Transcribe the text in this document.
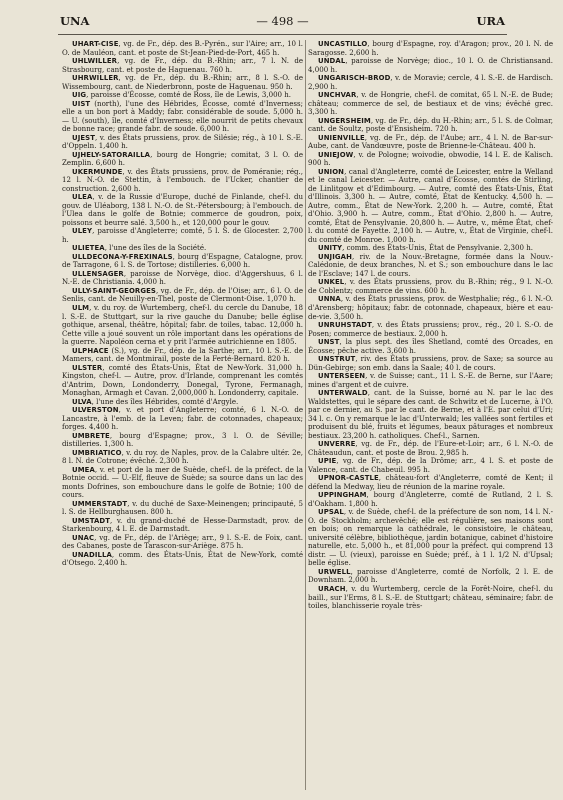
UNA	— 498 —	URA

UHART-CISE, vg. de Fr., dép. des B.-Pyrén., sur l'Aire; arr., 10 l. O. de Mauléon, cant. et poste de St-Jean-Pied-de-Port, 465 h.

UHLWILLER, vg. de Fr., dép. du B.-Rhin; arr., 7 l. N. de Strasbourg, cant. et poste de Haguenau. 760 h.

UHRWILLER, vg. de Fr., dép. du B.-Rhin; arr., 8 l. S.-O. de Wissembourg, cant. de Niederbronn, poste de Haguenau. 950 h.

UIG, paroisse d'Écosse, comté de Ross, île de Lewis, 3,000 h.

UIST (north), l'une des Hébrides, Écosse, comté d'Inverness; elle a un bon port à Maddy; fabr. considérable de soude. 5,000 h. — U. (south), île, comté d'Inverness; elle nourrit de petits chevaux de bonne race; grande fabr. de soude. 6,000 h.

UJEST, v. des États prussiens, prov. de Silésie; rég., à 10 l. S.-E. d'Oppeln. 1,400 h.

UJHELY-SATORAILLA, bourg de Hongrie; comitat, 3 l. O. de Zemplin. 6,600 h.

UKERMUNDE, v. des États prussiens, prov. de Poméranie; rég., 12 l. N.-O. de Stettin, à l'embouch. de l'Ucker, chantier de construction. 2,600 h.

ULEA, v. de la Russie d'Europe, duché de Finlande, chef-l. du gouv. de Uléaborg, 138 l. N.-O. de St.-Pétersbourg; à l'embouch. de l'Ulea dans le golfe de Botnie; commerce de goudron, poix, poissons et beurre salé. 3,500 h., et 120,000 pour le gouv.

ULEY, paroisse d'Angleterre; comté, 5 l. S. de Glocester. 2,700 h.

ULIETEA, l'une des îles de la Société.

ULLDECONA-Y-FREXINALS, bourg d'Espagne, Catalogne, prov. de Tarragone, 6 l. S. de Tortose; distilleries. 6,000 h.

ULLENSAGER, paroisse de Norvège, dioc. d'Aggershuus, 6 l. N.-E. de Christiania. 4,000 h.

ULLY-SAINT-GEORGES, vg. de Fr., dép. de l'Oise; arr., 6 l. O. de Senlis, cant. de Neuilly-en-Thel, poste de Clermont-Oise. 1,070 h.

ULM, v. du roy. de Wurtemberg, chef-l. du cercle du Danube, 18 l. S.-E. de Stuttgart, sur la rive gauche du Danube; belle église gothique, arsenal, théâtre, hôpital; fabr. de toiles, tabac. 12,000 h. Cette ville a joué souvent un rôle important dans les opérations de la guerre. Napoléon cerna et y prit l'armée autrichienne en 1805.

ULPHACE (S.), vg. de Fr., dép. de la Sarthe; arr., 10 l. S.-E. de Mamers, cant. de Montmirail, poste de la Ferté-Bernard. 820 h.

ULSTER, comté des États-Unis, État de New-York. 31,000 h. Kingston, chef-l. — Autre, prov. d'Irlande, comprenant les comtés d'Antrim, Down, Londonderry, Donegal, Tyrone, Fermanagh, Monaghan, Armagh et Cavan. 2,000,000 h. Londonderry, capitale.

ULVA, l'une des îles Hébrides, comté d'Argyle.

ULVERSTON, v. et port d'Angleterre; comté, 6 l. N.-O. de Lancastre, à l'emb. de la Leven; fabr. de cotonnades, chapeaux; forges. 4,400 h.

UMBRETE, bourg d'Espagne; prov., 3 l. O. de Séville; distilleries. 1,300 h.

UMBRIATICO, v. du roy. de Naples, prov. de la Calabre ultér. 2e, 8 l. N. de Cotrone; évêché. 2,300 h.

UMEA, v. et port de la mer de Suède, chef-l. de la préfect. de la Botnie occid. — U.-Elf, fleuve de Suède; sa source dans un lac des monts Dofrines, son embouchure dans le golfe de Botnie; 100 de cours.

UMMERSTADT, v. du duché de Saxe-Meinengen; principauté, 5 l. S. de Hellburghausen. 800 h.

UMSTADT, v. du grand-duché de Hesse-Darmstadt, prov. de Starkenbourg, 4 l. E. de Darmstadt.

UNAC, vg. de Fr., dép. de l'Ariège; arr., 9 l. S.-E. de Foix, cant. des Cabanes, poste de Tarascon-sur-Ariège. 875 h.

UNADILLA, comm. des États-Unis, État de New-York, comté d'Otsego. 2,400 h.

UNCASTILLO, bourg d'Espagne, roy. d'Aragon; prov., 20 l. N. de Saragosse. 2,600 h.

UNDAL, paroisse de Norvège; dioc., 10 l. O. de Christiansand. 4,000 h.

UNGARISCH-BROD, v. de Moravie; cercle, 4 l. S.-E. de Hardisch. 2,900 h.

UNCHVAR, v. de Hongrie, chef-l. de comitat, 65 l. N.-E. de Bude; château; commerce de sel, de bestiaux et de vins; évêché grec. 3,300 h.

UNGERSHEIM, vg. de Fr., dép. du H.-Rhin; arr., 5 l. S. de Colmar, cant. de Soultz, poste d'Ensisheim. 720 h.

UNIENVILLE, vg. de Fr., dép. de l'Aube; arr., 4 l. N. de Bar-sur-Aube, cant. de Vandœuvre, poste de Brienne-le-Château. 400 h.

UNIEJOW, v. de Pologne; woivodie, obwodie, 14 l. E. de Kalisch. 900 h.

UNION, canal d'Angleterre, comté de Leicester, entre la Welland et le canal Leicester. — Autre, canal d'Écosse, comtés de Stirling, de Linlitgow et d'Edimbourg. — Autre, comté des États-Unis, État d'Illinois. 3,300 h. — Autre, comté, État de Kentucky. 4,500 h. — Autre, comm., État de New-York. 2,200 h. — Autre, comté, État d'Ohio. 3,900 h. — Autre, comm., État d'Ohio. 2,800 h. — Autre, comté, État de Pensylvanie. 20,800 h. — Autre, v., même État, chef-l. du comté de Fayette. 2,100 h. — Autre, v., État de Virginie, chef-l. du comté de Monroe. 1,000 h.

UNITY, comm. des États-Unis, État de Pensylvanie. 2,300 h.

UNJIGAH, riv. de la Nouv.-Bretagne, formée dans la Nouv.-Calédonie, de deux branches, N. et S.; son embouchure dans le lac de l'Esclave; 147 l. de cours.

UNKEL, v. des États prussiens, prov. du B.-Rhin; rég., 9 l. N.-O. de Coblentz; commerce de vins. 600 h.

UNNA, v. des États prussiens, prov. de Westphalie; rég., 6 l. N.-O. d'Arensberg; hôpitaux; fabr. de cotonnade, chapeaux, bière et eau-de-vie. 3,500 h.

UNRUHSTADT, v. des États prussiens; prov., rég., 20 l. S.-O. de Posen; commerce de bestiaux. 2,000 h.

UNST, la plus sept. des îles Shetland, comté des Orcades, en Écosse; pêche active. 3,600 h.

UNSTRUT, riv. des États prussiens, prov. de Saxe; sa source au Dün-Gebirge; son emb. dans la Saale; 40 l. de cours.

UNTERSEEN, v. de Suisse; cant., 11 l. S.-E. de Berne, sur l'Aare; mines d'argent et de cuivre.

UNTERWALD, cant. de la Suisse, borné au N. par le lac des Waldstettes, qui le sépare des cant. de Schwitz et de Lucerne, à l'O. par ce dernier, au S. par le cant. de Berne, et à l'E. par celui d'Uri; 34 l. c. On y remarque le lac d'Unterwald; les vallées sont fertiles et produisent du blé, fruits et légumes, beaux pâturages et nombreux bestiaux. 23,200 h. catholiques. Chef-l., Sarnen.

UNVERRE, vg. de Fr., dép. de l'Eure-et-Loir; arr., 6 l. N.-O. de Châteaudun, cant. et poste de Brou. 2,985 h.

UPIE, vg. de Fr., dép. de la Drôme; arr., 4 l. S. et poste de Valence, cant. de Chabeuil. 995 h.

UPNOR-CASTLE, château-fort d'Angleterre, comté de Kent; il défend la Medway, lieu de réunion de la marine royale.

UPPINGHAM, bourg d'Angleterre, comté de Rutland, 2 l. S. d'Oakham. 1,800 h.

UPSAL, v. de Suède, chef-l. de la préfecture de son nom, 14 l. N.-O. de Stockholm; archevêché; elle est régulière, ses maisons sont en bois; on remarque la cathédrale, le consistoire, le château, université célèbre, bibliothèque, jardin botanique, cabinet d'histoire naturelle, etc. 5,000 h., et 81,000 pour la préfect. qui comprend 13 distr. — U. (vieux), paroisse en Suède; préf., à 1 l. 1/2 N. d'Upsal; belle église.

URWELL, paroisse d'Angleterre, comté de Norfolk, 2 l. E. de Downham. 2,000 h.

URACH, v. du Wurtemberg, cercle de la Forêt-Noire, chef-l. du baill., sur l'Erms, 8 l. S.-E. de Stuttgart; château, séminaire; fabr. de toiles, blanchisserie royale très-
